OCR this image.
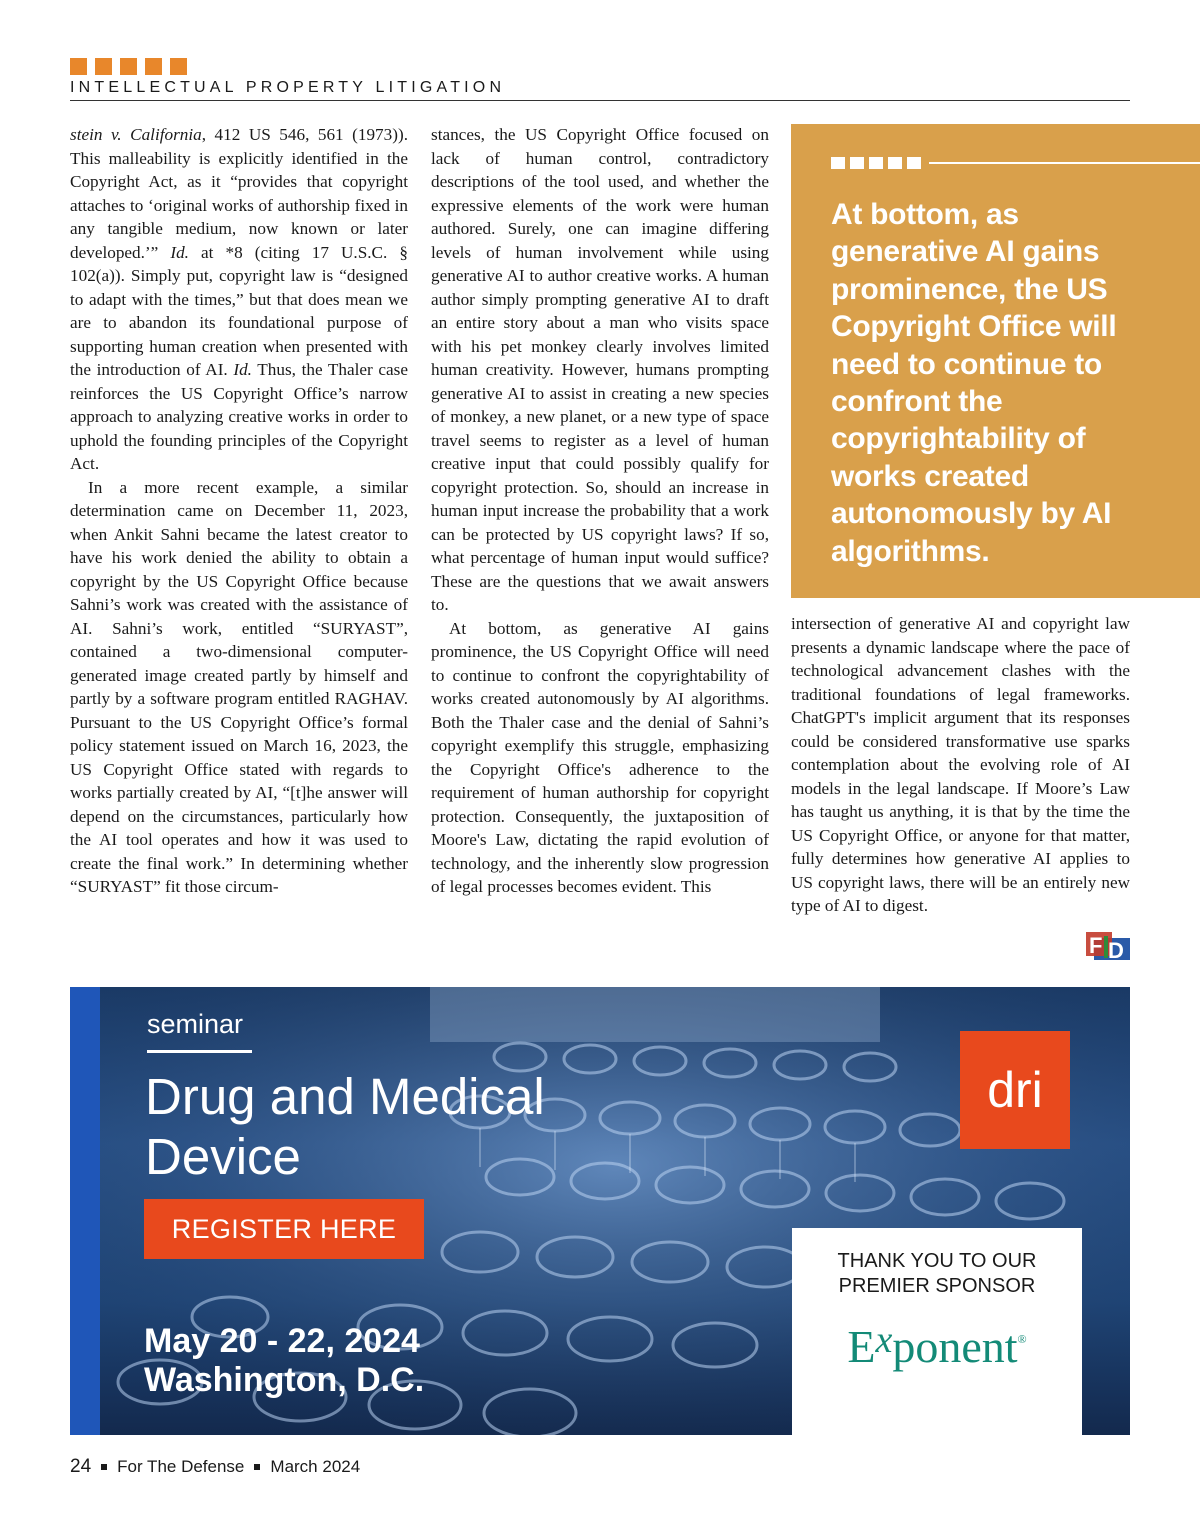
INTELLECTUAL PROPERTY LITIGATION

stein v. California, 412 US 546, 561 (1973)). This malleability is explicitly identified in the Copyright Act, as it “provides that copyright attaches to ‘original works of authorship fixed in any tangible medium, now known or later developed.’” Id. at *8 (citing 17 U.S.C. § 102(a)). Simply put, copyright law is “designed to adapt with the times,” but that does mean we are to abandon its foundational purpose of supporting human creation when presented with the introduction of AI. Id. Thus, the Thaler case reinforces the US Copyright Office’s narrow approach to analyzing creative works in order to uphold the founding principles of the Copyright Act.

In a more recent example, a similar determination came on December 11, 2023, when Ankit Sahni became the latest creator to have his work denied the ability to obtain a copyright by the US Copyright Office because Sahni’s work was created with the assistance of AI. Sahni’s work, entitled “SURYAST”, contained a two-dimensional computer-generated image created partly by himself and partly by a software program entitled RAGHAV. Pursuant to the US Copyright Office’s formal policy statement issued on March 16, 2023, the US Copyright Office stated with regards to works partially created by AI, “[t]he answer will depend on the circumstances, particularly how the AI tool operates and how it was used to create the final work.” In determining whether “SURYAST” fit those circum-

stances, the US Copyright Office focused on lack of human control, contradictory descriptions of the tool used, and whether the expressive elements of the work were human authored. Surely, one can imagine differing levels of human involvement while using generative AI to author creative works. A human author simply prompting generative AI to draft an entire story about a man who visits space with his pet monkey clearly involves limited human creativity. However, humans prompting generative AI to assist in creating a new species of monkey, a new planet, or a new type of space travel seems to register as a level of human creative input that could possibly qualify for copyright protection. So, should an increase in human input increase the probability that a work can be protected by US copyright laws? If so, what percentage of human input would suffice? These are the questions that we await answers to.

At bottom, as generative AI gains prominence, the US Copyright Office will need to continue to confront the copyrightability of works created autonomously by AI algorithms. Both the Thaler case and the denial of Sahni’s copyright exemplify this struggle, emphasizing the Copyright Office's adherence to the requirement of human authorship for copyright protection. Consequently, the juxtaposition of Moore's Law, dictating the rapid evolution of technology, and the inherently slow progression of legal processes becomes evident. This

At bottom, as generative AI gains prominence, the US Copyright Office will need to continue to confront the copyrightability of works created autonomously by AI algorithms.

intersection of generative AI and copyright law presents a dynamic landscape where the pace of technological advancement clashes with the traditional foundations of legal frameworks. ChatGPT's implicit argument that its responses could be considered transformative use sparks contemplation about the evolving role of AI models in the legal landscape. If Moore’s Law has taught us anything, it is that by the time the US Copyright Office, or anyone for that matter, fully determines how generative AI applies to US copyright laws, there will be an entirely new type of AI to digest.

F D
seminar
Drug and Medical Device
REGISTER HERE
May 20 - 22, 2024
Washington, D.C.
dri
THANK YOU TO OUR
PREMIER SPONSOR
$E^xponent®$
24 For The Defense March 2024
